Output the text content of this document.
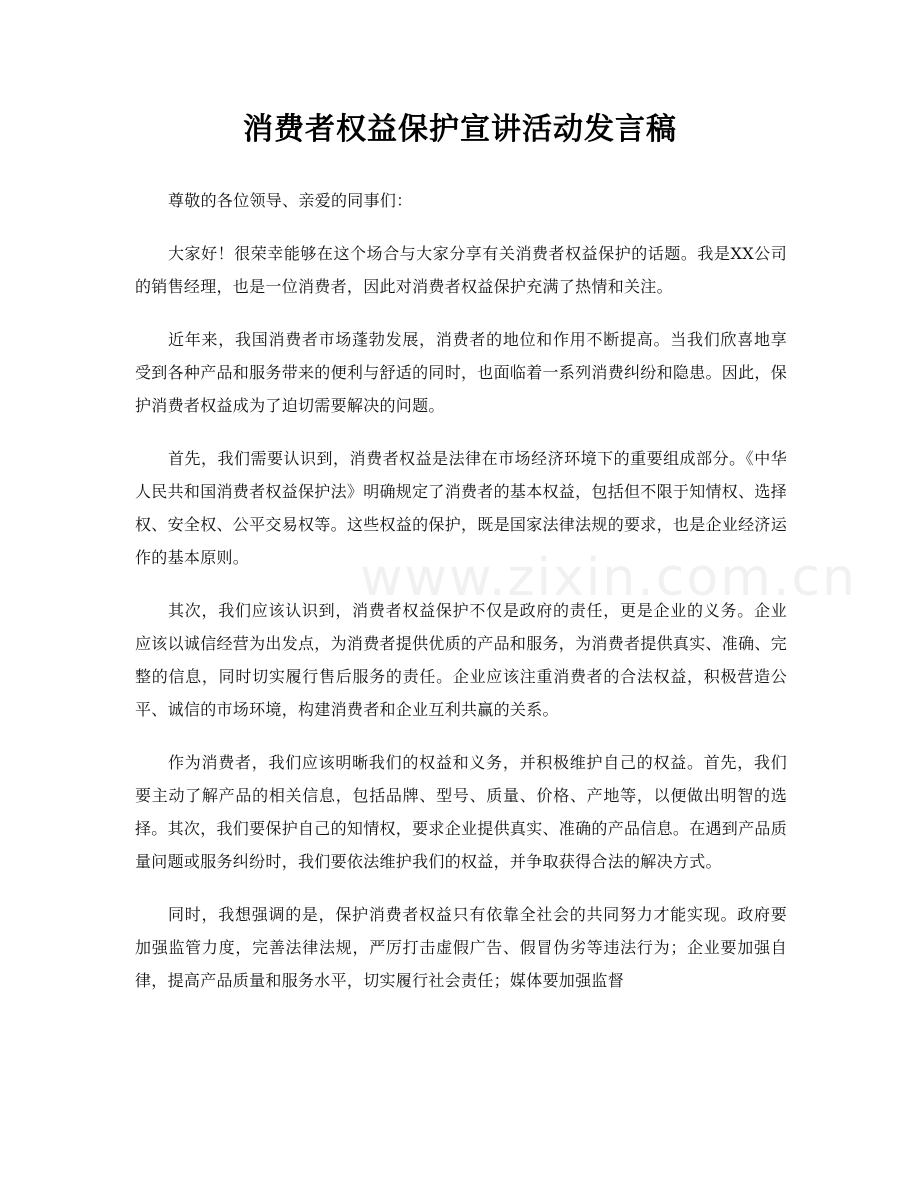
消费者权益保护宣讲活动发言稿
www.zixin.com.cn

尊敬的各位领导、亲爱的同事们：

大家好！很荣幸能够在这个场合与大家分享有关消费者权益保护的话题。我是XX公司的销售经理，也是一位消费者，因此对消费者权益保护充满了热情和关注。

近年来，我国消费者市场蓬勃发展，消费者的地位和作用不断提高。当我们欣喜地享受到各种产品和服务带来的便利与舒适的同时，也面临着一系列消费纠纷和隐患。因此，保护消费者权益成为了迫切需要解决的问题。

首先，我们需要认识到，消费者权益是法律在市场经济环境下的重要组成部分。《中华人民共和国消费者权益保护法》明确规定了消费者的基本权益，包括但不限于知情权、选择权、安全权、公平交易权等。这些权益的保护，既是国家法律法规的要求，也是企业经济运作的基本原则。

其次，我们应该认识到，消费者权益保护不仅是政府的责任，更是企业的义务。企业应该以诚信经营为出发点，为消费者提供优质的产品和服务，为消费者提供真实、准确、完整的信息，同时切实履行售后服务的责任。企业应该注重消费者的合法权益，积极营造公平、诚信的市场环境，构建消费者和企业互利共赢的关系。

作为消费者，我们应该明晰我们的权益和义务，并积极维护自己的权益。首先，我们要主动了解产品的相关信息，包括品牌、型号、质量、价格、产地等，以便做出明智的选择。其次，我们要保护自己的知情权，要求企业提供真实、准确的产品信息。在遇到产品质量问题或服务纠纷时，我们要依法维护我们的权益，并争取获得合法的解决方式。

同时，我想强调的是，保护消费者权益只有依靠全社会的共同努力才能实现。政府要加强监管力度，完善法律法规，严厉打击虚假广告、假冒伪劣等违法行为；企业要加强自律，提高产品质量和服务水平，切实履行社会责任；媒体要加强监督
